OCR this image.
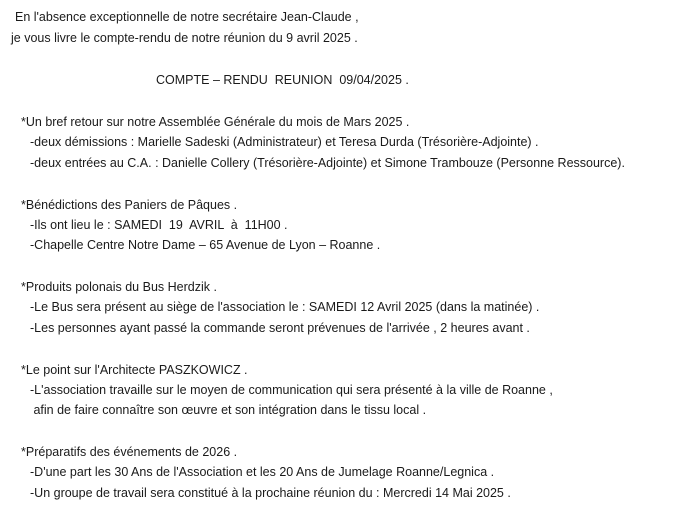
En l'absence exceptionnelle de notre secrétaire Jean-Claude ,
je vous livre le compte-rendu de notre réunion du 9 avril 2025 .
COMPTE – RENDU  REUNION  09/04/2025 .
*Un bref retour sur notre Assemblée Générale du mois de Mars 2025 .
-deux démissions : Marielle Sadeski (Administrateur) et Teresa Durda (Trésorière-Adjointe) .
-deux entrées au C.A. : Danielle Collery (Trésorière-Adjointe) et Simone Trambouze (Personne Ressource).
*Bénédictions des Paniers de Pâques .
-Ils ont lieu le : SAMEDI  19  AVRIL  à  11H00 .
-Chapelle Centre Notre Dame – 65 Avenue de Lyon – Roanne .
*Produits polonais du Bus Herdzik .
-Le Bus sera présent au siège de l'association le : SAMEDI 12 Avril 2025 (dans la matinée) .
-Les personnes ayant passé la commande seront prévenues de l'arrivée , 2 heures avant .
*Le point sur l'Architecte PASZKOWICZ .
-L'association travaille sur le moyen de communication qui sera présenté à la ville de Roanne ,
afin de faire connaître son œuvre et son intégration dans le tissu local .
*Préparatifs des événements de 2026 .
-D'une part les 30 Ans de l'Association et les 20 Ans de Jumelage Roanne/Legnica .
-Un groupe de travail sera constitué à la prochaine réunion du : Mercredi 14 Mai 2025 .
